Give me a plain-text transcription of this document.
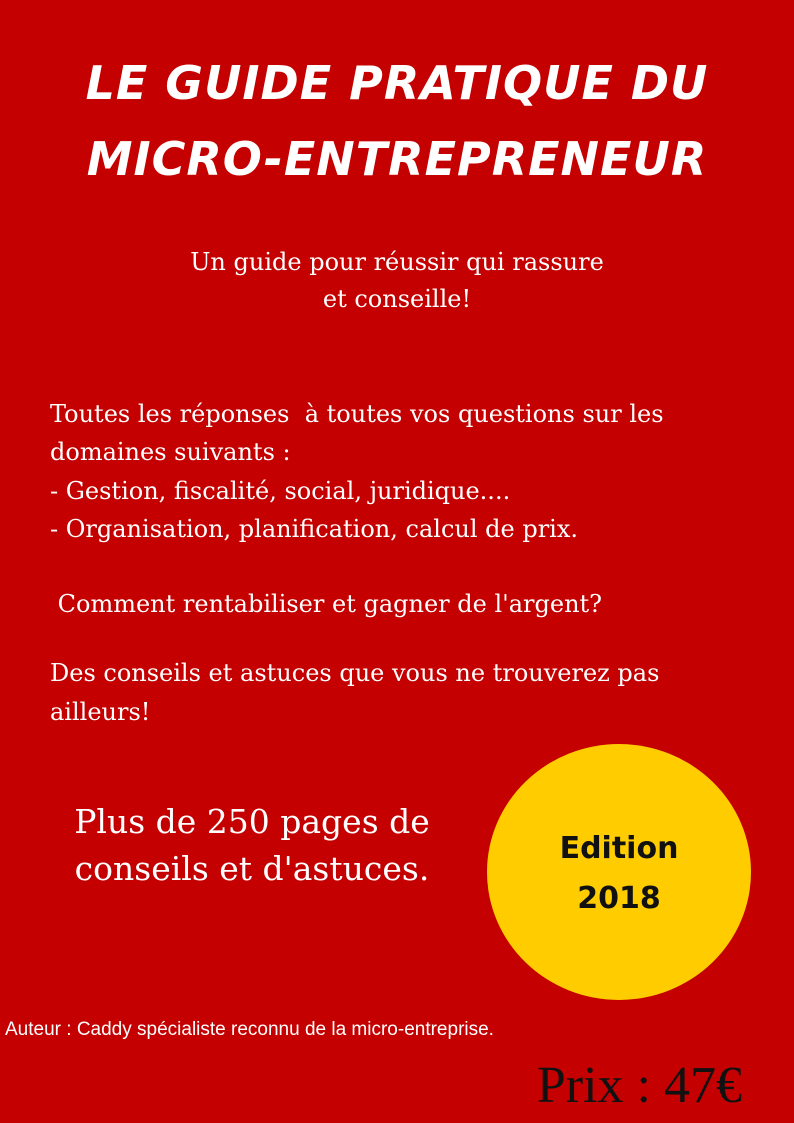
LE GUIDE PRATIQUE DU
MICRO-ENTREPRENEUR
Un guide pour réussir qui rassure
et conseille!
Toutes les réponses  à toutes vos questions sur les
domaines suivants :
- Gestion, fiscalité, social, juridique....
- Organisation, planification, calcul de prix.
Comment rentabiliser et gagner de l'argent?
Des conseils et astuces que vous ne trouverez pas
ailleurs!
Plus de 250 pages de
conseils et d'astuces.
Edition
2018
Auteur : Caddy spécialiste reconnu de la micro-entreprise.
Prix : 47€
